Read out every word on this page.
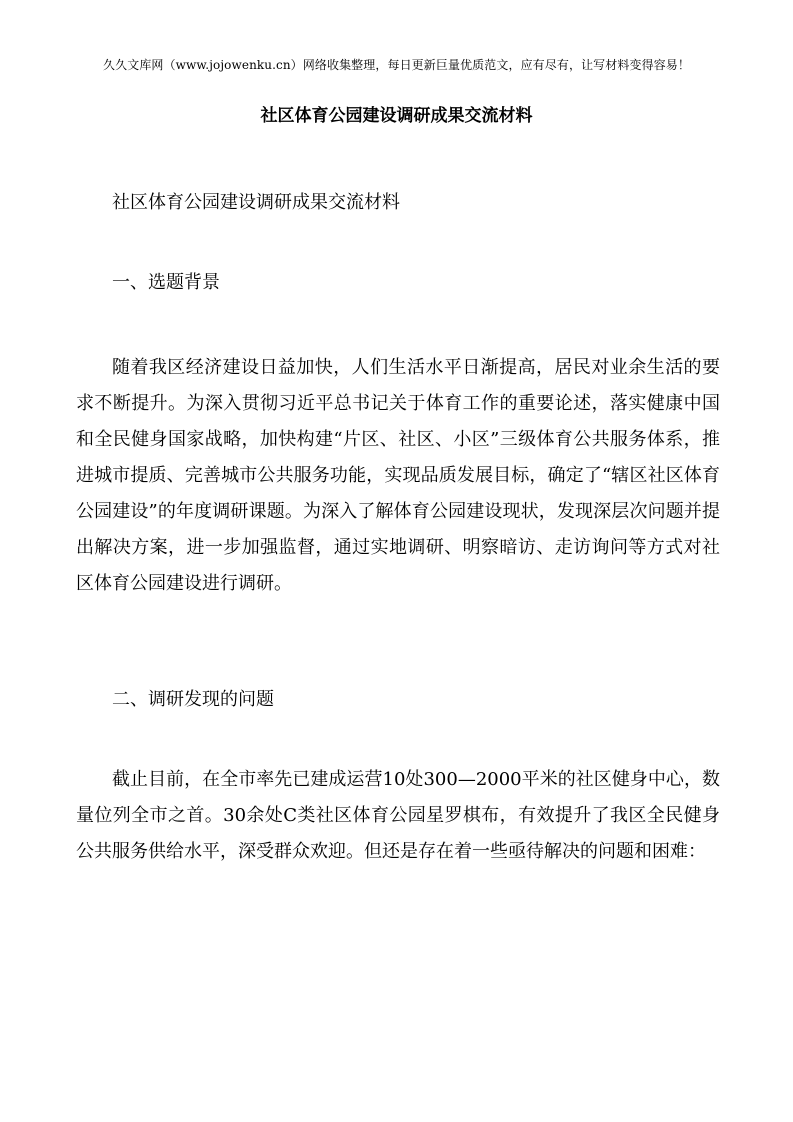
久久文库网（www.jojowenku.cn）网络收集整理，每日更新巨量优质范文，应有尽有，让写材料变得容易！
社区体育公园建设调研成果交流材料

社区体育公园建设调研成果交流材料

一、选题背景

随着我区经济建设日益加快，人们生活水平日渐提高，居民对业余生活的要求不断提升。为深入贯彻习近平总书记关于体育工作的重要论述，落实健康中国和全民健身国家战略，加快构建“片区、社区、小区”三级体育公共服务体系，推进城市提质、完善城市公共服务功能，实现品质发展目标，确定了“辖区社区体育公园建设”的年度调研课题。为深入了解体育公园建设现状，发现深层次问题并提出解决方案，进一步加强监督，通过实地调研、明察暗访、走访询问等方式对社区体育公园建设进行调研。

二、调研发现的问题

截止目前，在全市率先已建成运营10处300—2000平米的社区健身中心，数量位列全市之首。30余处C类社区体育公园星罗棋布，有效提升了我区全民健身公共服务供给水平，深受群众欢迎。但还是存在着一些亟待解决的问题和困难：
